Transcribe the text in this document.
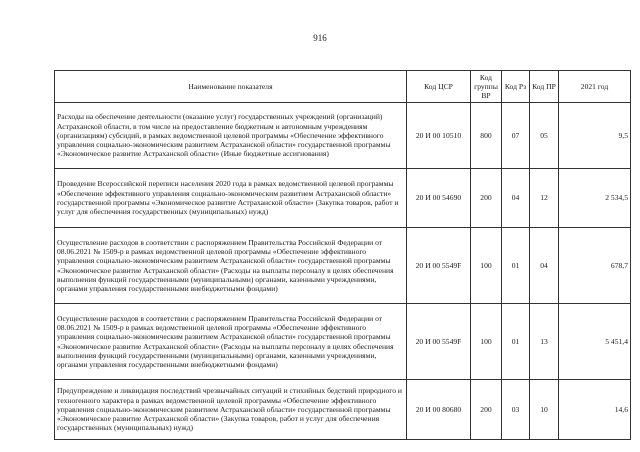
916
Наименование показателя	Код ЦСР	Код группы ВР	Код Рз	Код ПР	2021 год
Расходы на обеспечение деятельности (оказание услуг) государственных учреждений (организаций) Астраханской области, в том числе на предоставление бюджетным и автономным учреждениям (организациям) субсидий, в рамках ведомственной целевой программы «Обеспечение эффективного управления социально-экономическим развитием Астраханской области» государственной программы «Экономическое развитие Астраханской области» (Иные бюджетные ассигнования)	20 И 00 10510	800	07	05	9,5
Проведение Всероссийской переписи населения 2020 года в рамках ведомственной целевой программы «Обеспечение эффективного управления социально-экономическим развитием Астраханской области» государственной программы «Экономическое развитие Астраханской области» (Закупка товаров, работ и услуг для обеспечения государственных (муниципальных) нужд)	20 И 00 54690	200	04	12	2 534,5
Осуществление расходов в соответствии с распоряжением Правительства Российской Федерации от 08.06.2021 № 1509-р в рамках ведомственной целевой программы «Обеспечение эффективного управления социально-экономическим развитием Астраханской области» государственной программы «Экономическое развитие Астраханской области» (Расходы на выплаты персоналу в целях обеспечения выполнения функций государственными (муниципальными) органами, казенными учреждениями, органами управления государственными внебюджетными фондами)	20 И 00 5549F	100	01	04	678,7
Осуществление расходов в соответствии с распоряжением Правительства Российской Федерации от 08.06.2021 № 1509-р в рамках ведомственной целевой программы «Обеспечение эффективного управления социально-экономическим развитием Астраханской области» государственной программы «Экономическое развитие Астраханской области» (Расходы на выплаты персоналу в целях обеспечения выполнения функций государственными (муниципальными) органами, казенными учреждениями, органами управления государственными внебюджетными фондами)	20 И 00 5549F	100	01	13	5 451,4
Предупреждение и ликвидация последствий чрезвычайных ситуаций и стихийных бедствий природного и техногенного характера в рамках ведомственной целевой программы «Обеспечение эффективного управления социально-экономическим развитием Астраханской области» государственной программы «Экономическое развитие Астраханской области» (Закупка товаров, работ и услуг для обеспечения государственных (муниципальных) нужд)	20 И 00 80680	200	03	10	14,6
